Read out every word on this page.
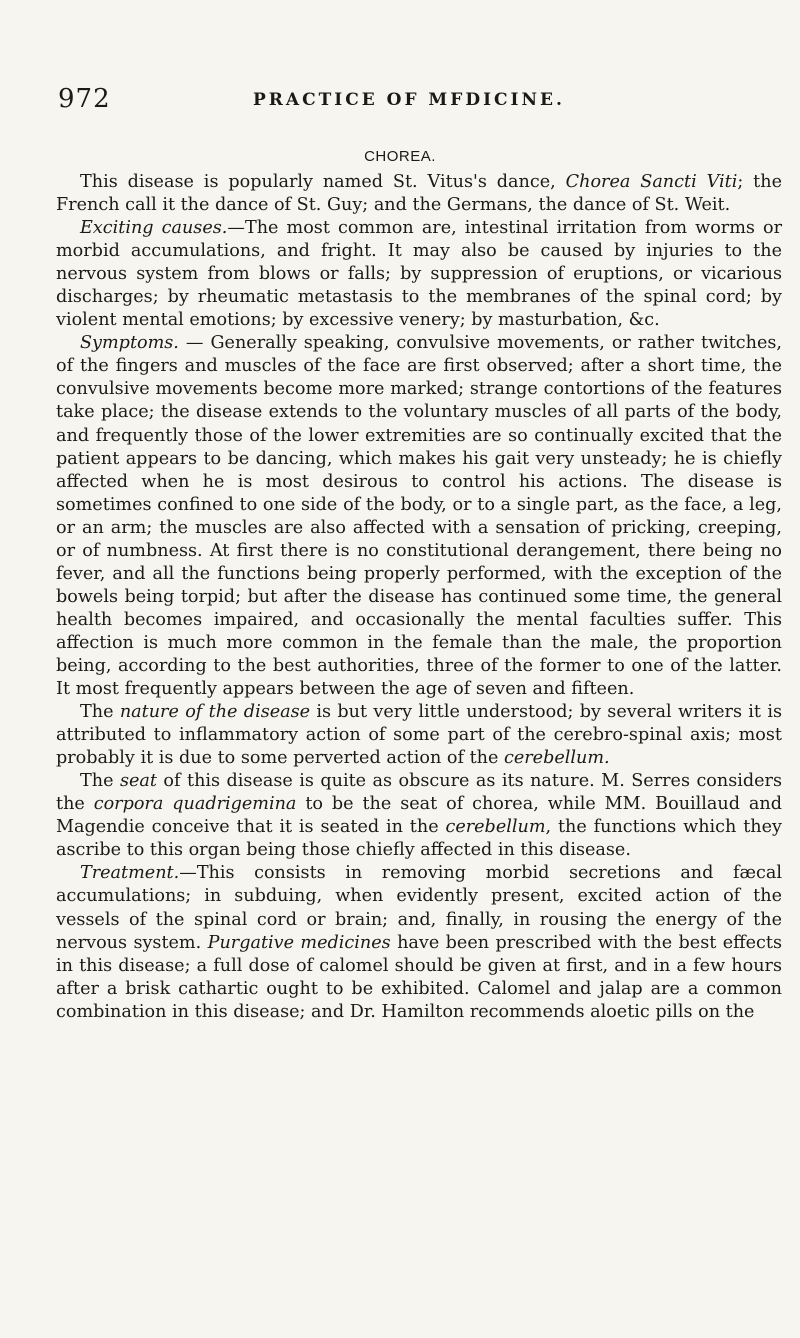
972	PRACTICE OF MFDICINE.
CHOREA.

This disease is popularly named St. Vitus's dance, Chorea Sancti Viti; the French call it the dance of St. Guy; and the Germans, the dance of St. Weit.

Exciting causes.—The most common are, intestinal irritation from worms or morbid accumulations, and fright. It may also be caused by injuries to the nervous system from blows or falls; by suppression of eruptions, or vicarious discharges; by rheumatic metastasis to the membranes of the spinal cord; by violent mental emotions; by excessive venery; by masturbation, &c.

Symptoms. — Generally speaking, convulsive movements, or rather twitches, of the fingers and muscles of the face are first observed; after a short time, the convulsive movements become more marked; strange contortions of the features take place; the disease extends to the voluntary muscles of all parts of the body, and frequently those of the lower extremities are so continually excited that the patient appears to be dancing, which makes his gait very unsteady; he is chiefly affected when he is most desirous to control his actions. The disease is sometimes confined to one side of the body, or to a single part, as the face, a leg, or an arm; the muscles are also affected with a sensation of pricking, creeping, or of numbness. At first there is no constitutional derangement, there being no fever, and all the functions being properly performed, with the exception of the bowels being torpid; but after the disease has continued some time, the general health becomes impaired, and occasionally the mental faculties suffer. This affection is much more common in the female than the male, the proportion being, according to the best authorities, three of the former to one of the latter. It most frequently appears between the age of seven and fifteen.

The nature of the disease is but very little understood; by several writers it is attributed to inflammatory action of some part of the cerebro-spinal axis; most probably it is due to some perverted action of the cerebellum.

The seat of this disease is quite as obscure as its nature. M. Serres considers the corpora quadrigemina to be the seat of chorea, while MM. Bouillaud and Magendie conceive that it is seated in the cerebellum, the functions which they ascribe to this organ being those chiefly affected in this disease.

Treatment.—This consists in removing morbid secretions and fæcal accumulations; in subduing, when evidently present, excited action of the vessels of the spinal cord or brain; and, finally, in rousing the energy of the nervous system. Purgative medicines have been prescribed with the best effects in this disease; a full dose of calomel should be given at first, and in a few hours after a brisk cathartic ought to be exhibited. Calomel and jalap are a common combination in this disease; and Dr. Hamilton recommends aloetic pills on the
